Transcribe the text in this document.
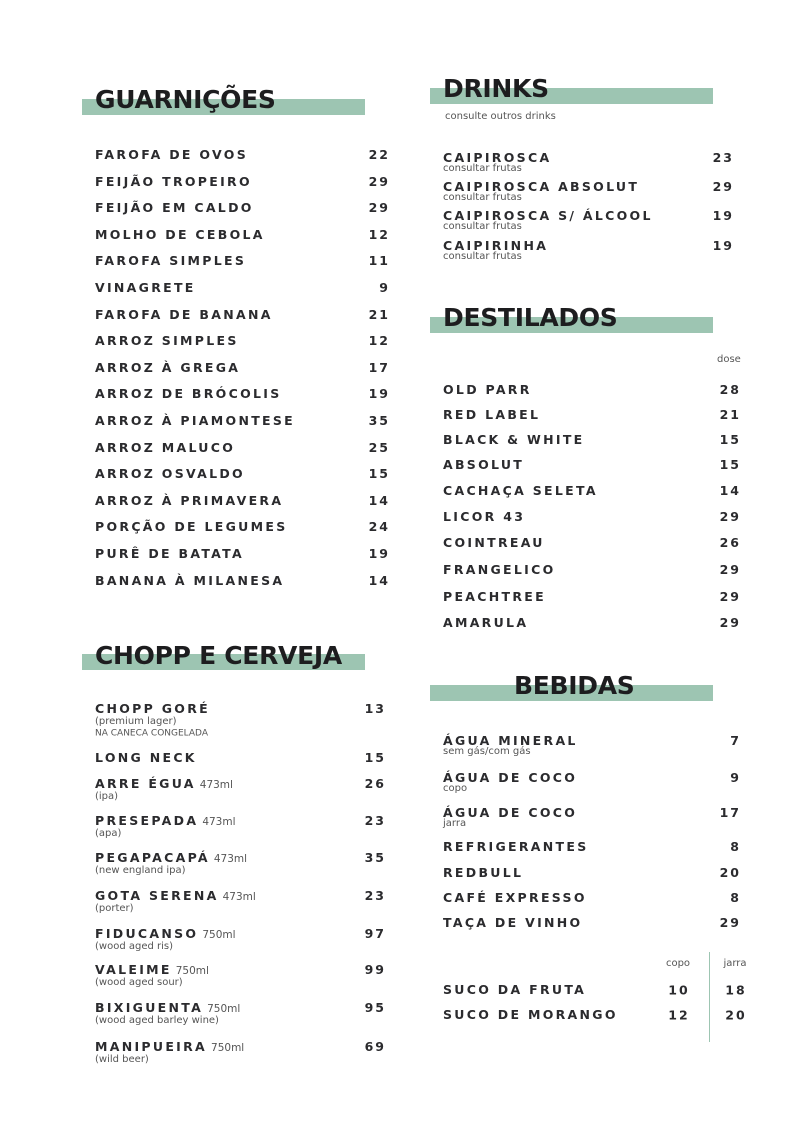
GUARNIÇÕES
FAROFA DE OVOS	22
FEIJÃO TROPEIRO	29
FEIJÃO EM CALDO	29
MOLHO DE CEBOLA	12
FAROFA SIMPLES	11
VINAGRETE	9
FAROFA DE BANANA	21
ARROZ SIMPLES	12
ARROZ À GREGA	17
ARROZ DE BRÓCOLIS	19
ARROZ À PIAMONTESE	35
ARROZ MALUCO	25
ARROZ OSVALDO	15
ARROZ À PRIMAVERA	14
PORÇÃO DE LEGUMES	24
PURÊ DE BATATA	19
BANANA À MILANESA	14
CHOPP E CERVEJA
CHOPP GORÉ	13
(premium lager)
NA CANECA CONGELADA
LONG NECK	15
ARRE ÉGUA 473ml	26
(ipa)
PRESEPADA 473ml	23
(apa)
PEGAPACAPÁ 473ml	35
(new england ipa)
GOTA SERENA 473ml	23
(porter)
FIDUCANSO 750ml	97
(wood aged ris)
VALEIME 750ml	99
(wood aged sour)
BIXIGUENTA 750ml	95
(wood aged barley wine)
MANIPUEIRA 750ml	69
(wild beer)
DRINKS
consulte outros drinks
CAIPIROSCA	23
consultar frutas
CAIPIROSCA ABSOLUT	29
consultar frutas
CAIPIROSCA S/ ÁLCOOL	19
consultar frutas
CAIPIRINHA	19
consultar frutas
DESTILADOS
dose
OLD PARR	28
RED LABEL	21
BLACK & WHITE	15
ABSOLUT	15
CACHAÇA SELETA	14
LICOR 43	29
COINTREAU	26
FRANGELICO	29
PEACHTREE	29
AMARULA	29
BEBIDAS
ÁGUA MINERAL	7
sem gás/com gás
ÁGUA DE COCO	9
copo
ÁGUA DE COCO	17
jarra
REFRIGERANTES	8
REDBULL	20
CAFÉ EXPRESSO	8
TAÇA DE VINHO	29
copo	jarra
SUCO DA FRUTA	10	18
SUCO DE MORANGO	12	20
